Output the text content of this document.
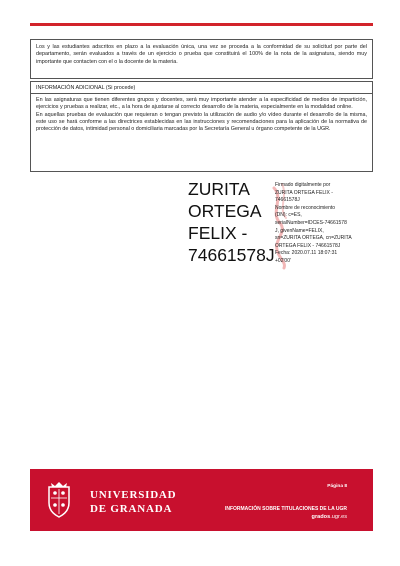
Los y las estudiantes adscritos en plazo a la evaluación única, una vez se proceda a la conformidad de su solicitud por parte del departamento, serán evaluados a través de un ejercicio o prueba que constituirá el 100% de la nota de la asignatura, siendo muy importante que contacten con el o la docente de la materia.

INFORMACIÓN ADICIONAL (Si procede)

En las asignaturas que tienen diferentes grupos y docentes, será muy importante atender a la especificidad de medios de impartición, ejercicios y pruebas a realizar, etc., a la hora de ajustarse al correcto desarrollo de la materia, especialmente en la modalidad online.

En aquellas pruebas de evaluación que requieran o tengan previsto la utilización de audio y/o vídeo durante el desarrollo de la misma, este uso se hará conforme a las directrices establecidas en las instrucciones y recomendaciones para la aplicación de la normativa de protección de datos, intimidad personal o domiciliaria marcadas por la Secretaría General u órgano competente de la UGR.

ZURITA
ORTEGA
FELIX -
74661578J
Firmado digitalmente por
ZURITA ORTEGA FELIX -
74661578J
Nombre de reconocimiento
(DN): c=ES,
serialNumber=IDCES-74661578
J, givenName=FELIX,
sn=ZURITA ORTEGA, cn=ZURITA
ORTEGA FELIX - 74661578J
Fecha: 2020.07.11 18:07:31
+02'00'
UNIVERSIDAD
DE GRANADA
Página 8
INFORMACIÓN SOBRE TITULACIONES DE LA UGR
grados.ugr.es
